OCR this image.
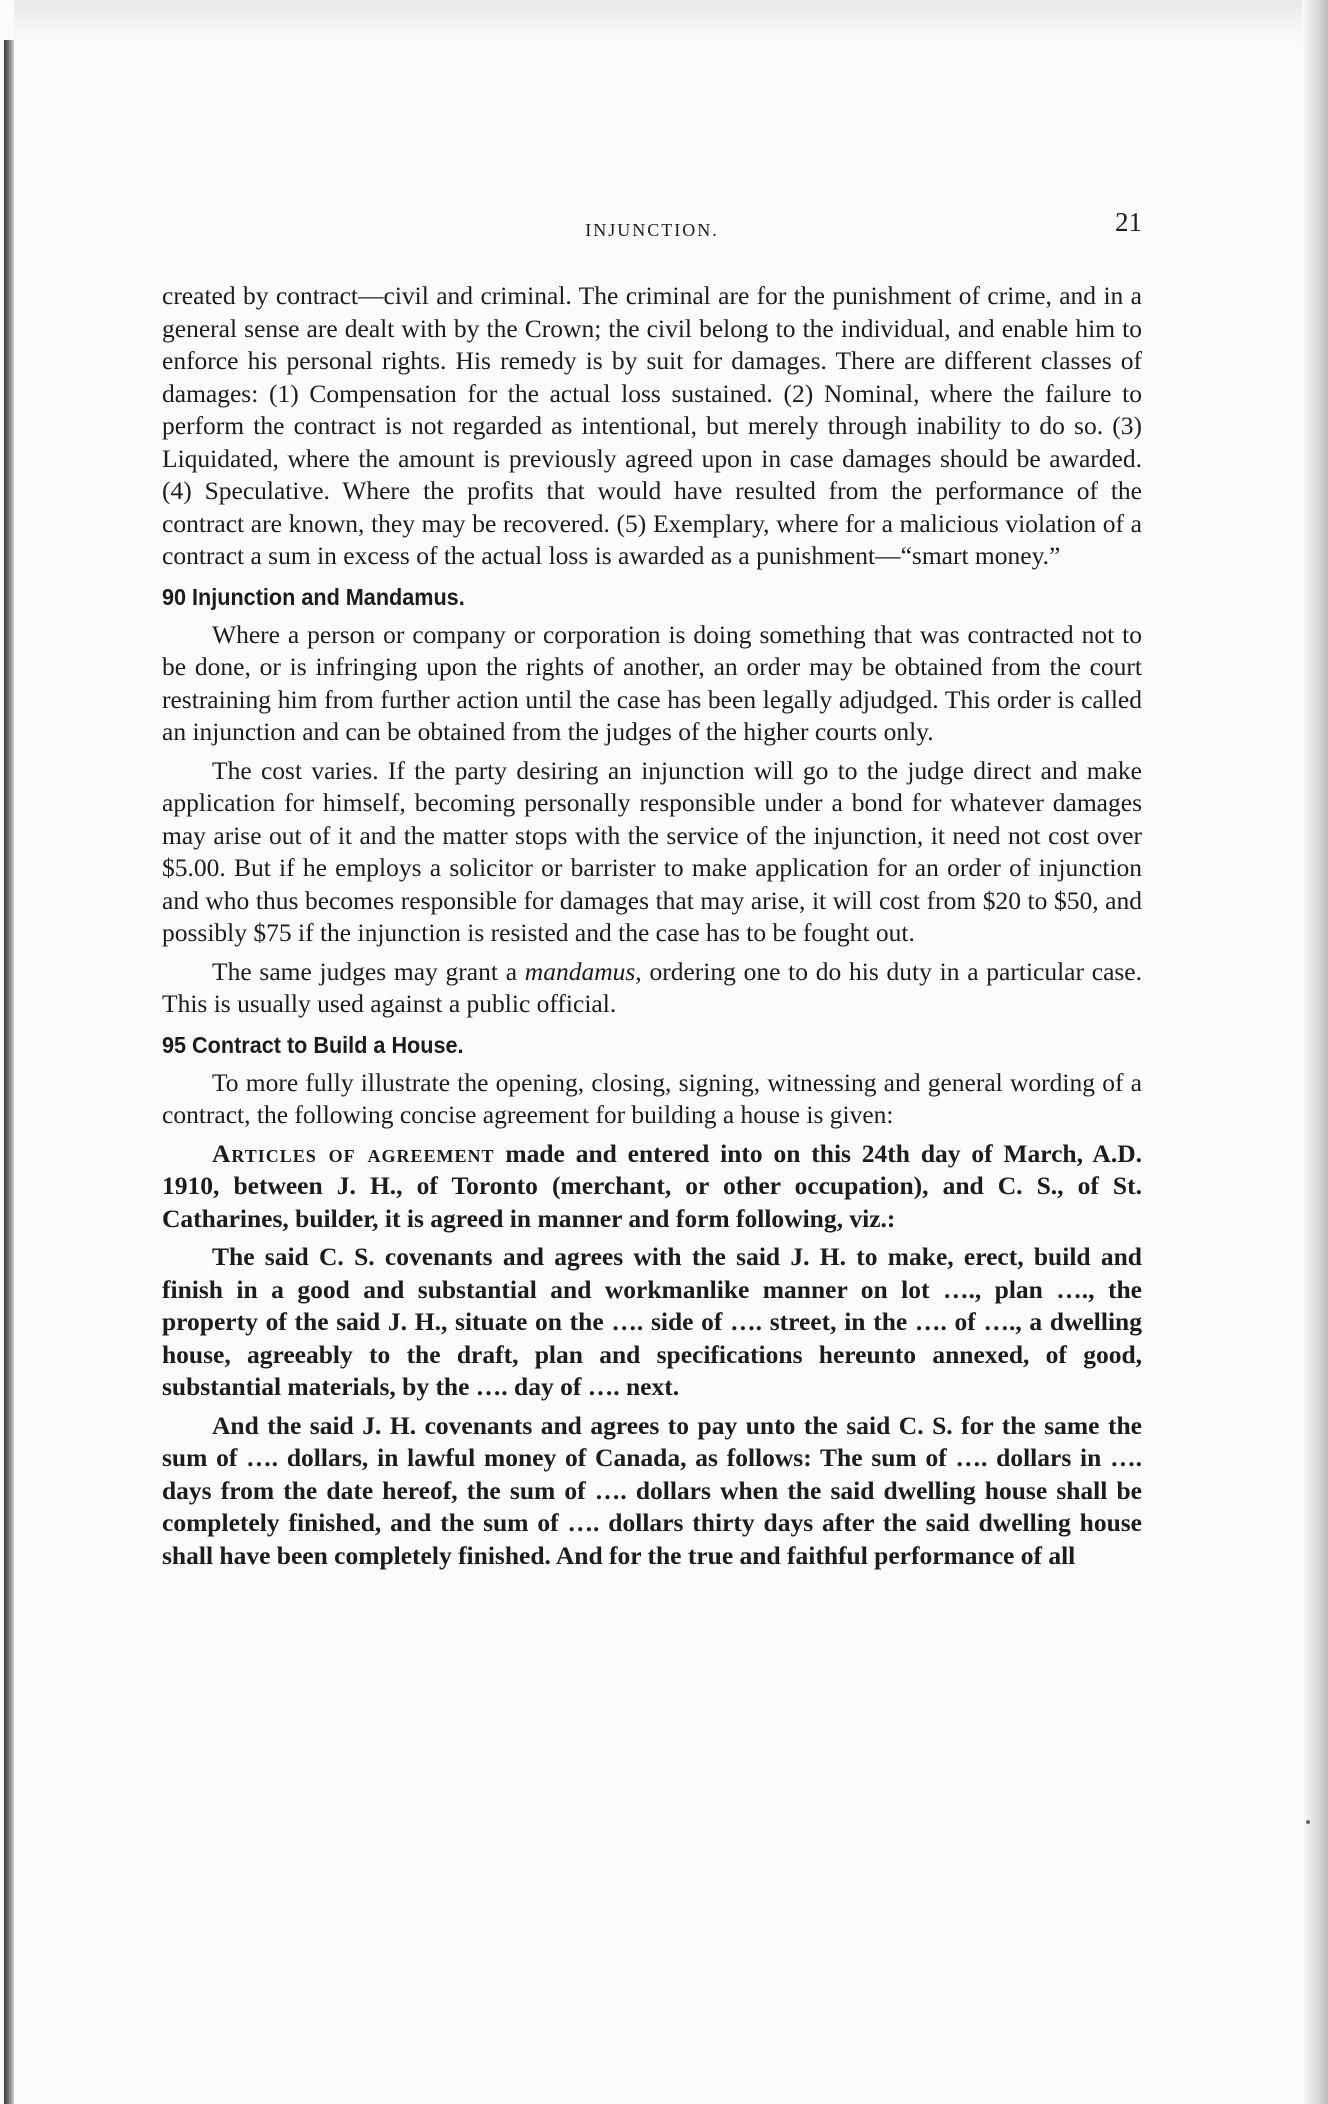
INJUNCTION.	21

created by contract—civil and criminal. The criminal are for the punishment of crime, and in a general sense are dealt with by the Crown; the civil belong to the individual, and enable him to enforce his personal rights. His remedy is by suit for damages. There are different classes of damages: (1) Compensation for the actual loss sustained. (2) Nominal, where the failure to perform the contract is not regarded as intentional, but merely through inability to do so. (3) Liquidated, where the amount is previously agreed upon in case damages should be awarded. (4) Speculative. Where the profits that would have resulted from the performance of the contract are known, they may be recovered. (5) Exemplary, where for a malicious violation of a contract a sum in excess of the actual loss is awarded as a punishment—“smart money.”

90 Injunction and Mandamus.

Where a person or company or corporation is doing something that was contracted not to be done, or is infringing upon the rights of another, an order may be obtained from the court restraining him from further action until the case has been legally adjudged. This order is called an injunction and can be obtained from the judges of the higher courts only.

The cost varies. If the party desiring an injunction will go to the judge direct and make application for himself, becoming personally responsible under a bond for whatever damages may arise out of it and the matter stops with the service of the injunction, it need not cost over $5.00. But if he employs a solicitor or barrister to make application for an order of injunction and who thus becomes responsible for damages that may arise, it will cost from $20 to $50, and possibly $75 if the injunction is resisted and the case has to be fought out.

The same judges may grant a mandamus, ordering one to do his duty in a particular case. This is usually used against a public official.

95 Contract to Build a House.

To more fully illustrate the opening, closing, signing, witnessing and general wording of a contract, the following concise agreement for building a house is given:

Articles of agreement made and entered into on this 24th day of March, A.D. 1910, between J. H., of Toronto (merchant, or other occupation), and C. S., of St. Catharines, builder, it is agreed in manner and form following, viz.:

The said C. S. covenants and agrees with the said J. H. to make, erect, build and finish in a good and substantial and workmanlike manner on lot …., plan …., the property of the said J. H., situate on the …. side of …. street, in the …. of …., a dwelling house, agreeably to the draft, plan and specifications hereunto annexed, of good, substantial materials, by the …. day of …. next.

And the said J. H. covenants and agrees to pay unto the said C. S. for the same the sum of …. dollars, in lawful money of Canada, as follows: The sum of …. dollars in …. days from the date hereof, the sum of …. dollars when the said dwelling house shall be completely finished, and the sum of …. dollars thirty days after the said dwelling house shall have been completely finished. And for the true and faithful performance of all
